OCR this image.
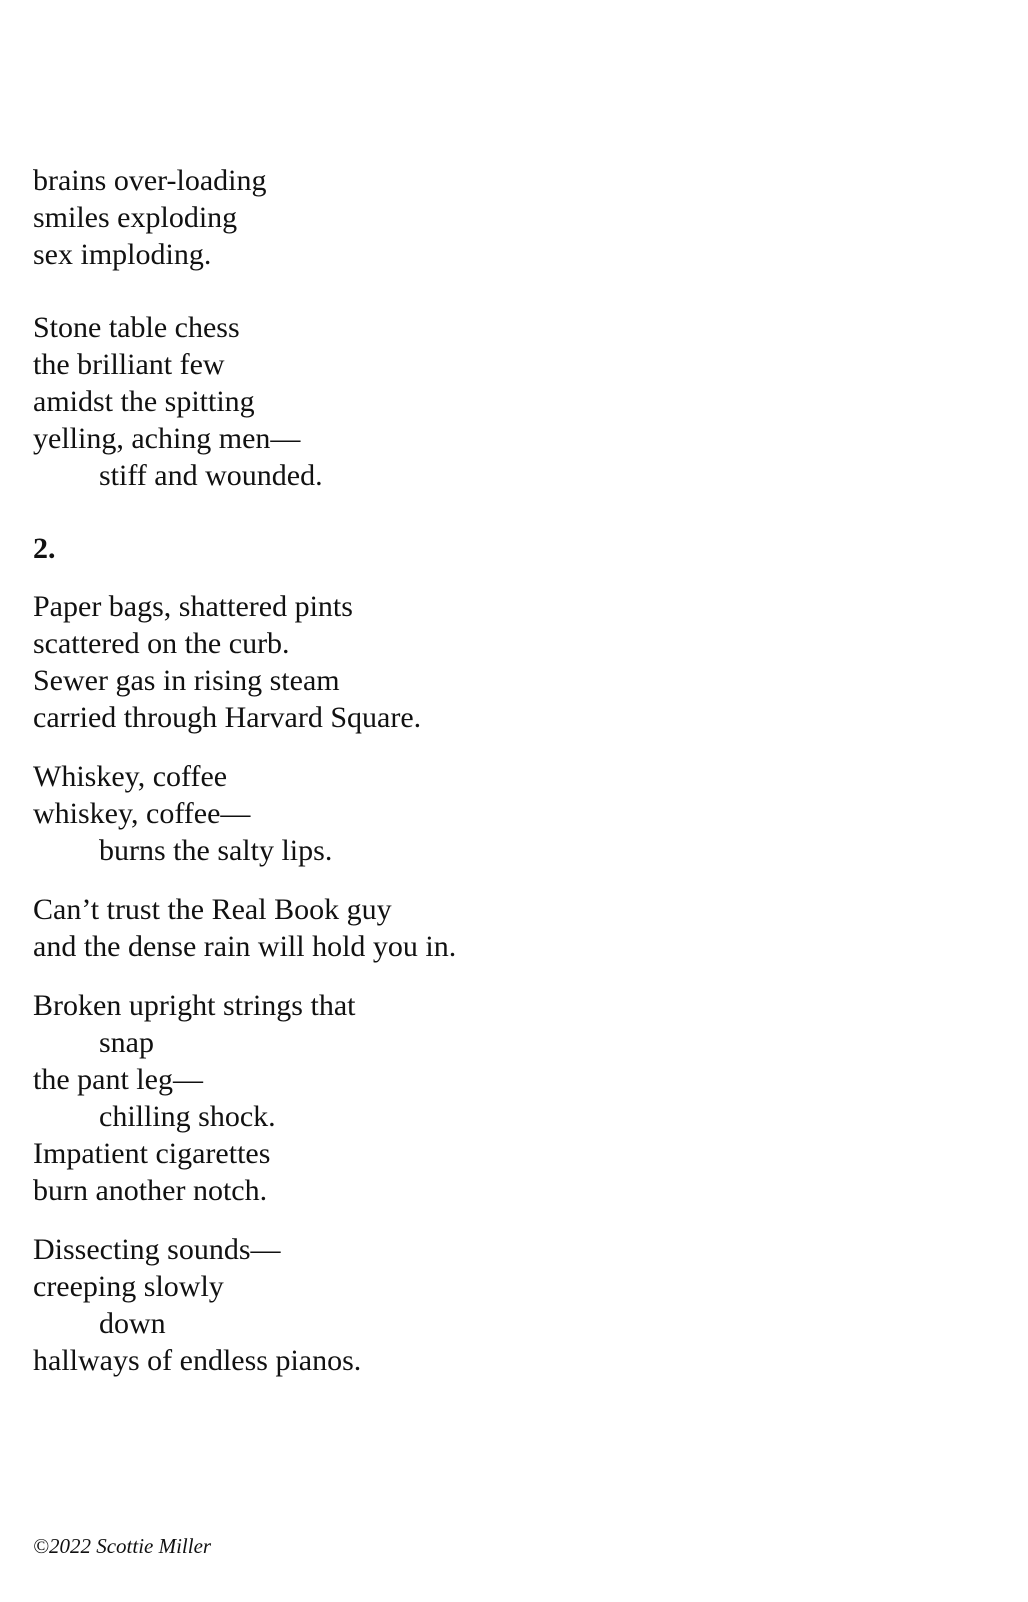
brains over-loading
smiles exploding
sex imploding.
Stone table chess
the brilliant few
amidst the spitting
yelling, aching men—
stiff and wounded.
2.
Paper bags, shattered pints
scattered on the curb.
Sewer gas in rising steam
carried through Harvard Square.
Whiskey, coffee
whiskey, coffee—
burns the salty lips.
Can’t trust the Real Book guy
and the dense rain will hold you in.
Broken upright strings that
snap
the pant leg—
chilling shock.
Impatient cigarettes
burn another notch.
Dissecting sounds—
creeping slowly
down
hallways of endless pianos.
©2022 Scottie Miller
